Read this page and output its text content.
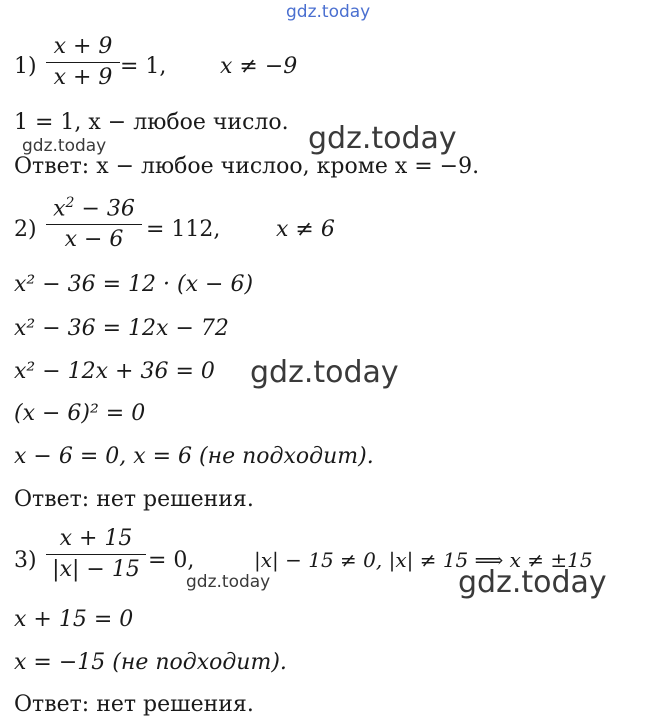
gdz.today
1)
x + 9
x + 9 = 1, x ≠ −9
1 = 1, x − любое число.
gdz.today	gdz.today
Ответ: x − любое числоо, кроме x = −9.
2)
$x^2 - 36$
x − 6	= 112,	x ≠ 6
x² − 36 = 12 · (x − 6)
x² − 36 = 12x − 72
x² − 12x + 36 = 0 gdz.today
(x − 6)² = 0
x − 6 = 0, x = 6 (не подходит).
Ответ: нет решения.
3)
x + 15
|x| − 15 = 0,	|x| − 15 ≠ 0, |x| ≠ 15 ⟹ x ≠ ±15
gdz.today	gdz.today
x + 15 = 0
x = −15 (не подходит).
Ответ: нет решения.
